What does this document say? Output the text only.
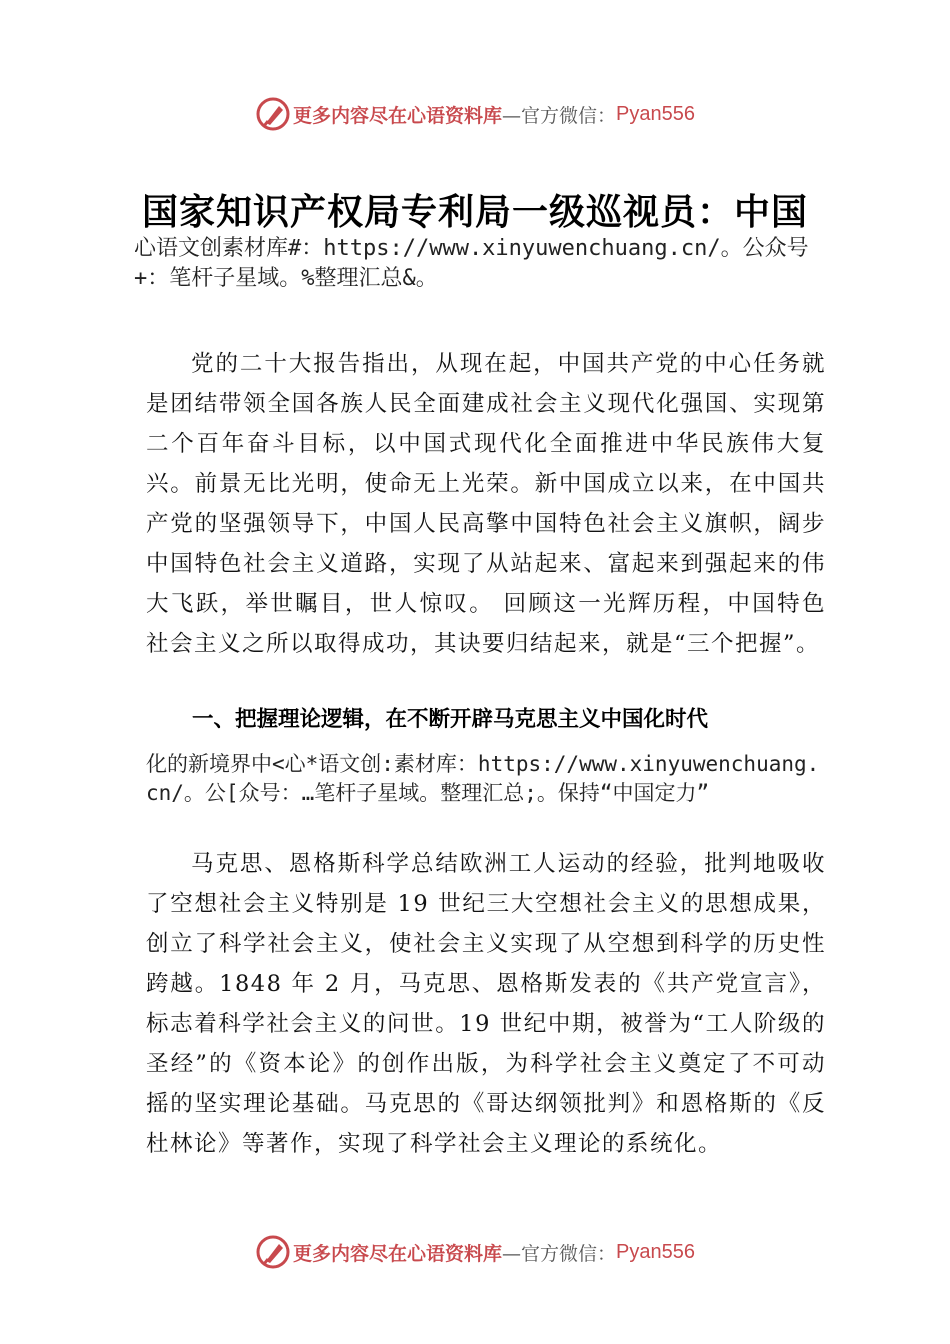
更多内容尽在心语资料库 —官方微信： Pyan556
国家知识产权局专利局一级巡视员：中国
心语文创素材库#：https://www.xinyuwenchuang.cn/。公众号+：笔杆子星域。%整理汇总&。
党的二十大报告指出，从现在起，中国共产党的中心任务就是团结带领全国各族人民全面建成社会主义现代化强国、实现第二个百年奋斗目标，以中国式现代化全面推进中华民族伟大复兴。前景无比光明，使命无上光荣。新中国成立以来，在中国共产党的坚强领导下，中国人民高擎中国特色社会主义旗帜，阔步中国特色社会主义道路，实现了从站起来、富起来到强起来的伟大飞跃，举世瞩目，世人惊叹。 回顾这一光辉历程，中国特色社会主义之所以取得成功，其诀要归结起来，就是“三个把握”。
一、把握理论逻辑，在不断开辟马克思主义中国化时代
化的新境界中<心*语文创:素材库：https://www.xinyuwenchuang.cn/。公[众号：…笔杆子星域。整理汇总;。保持“中国定力”
马克思、恩格斯科学总结欧洲工人运动的经验，批判地吸收了空想社会主义特别是 19 世纪三大空想社会主义的思想成果，创立了科学社会主义，使社会主义实现了从空想到科学的历史性跨越。1848 年 2 月，马克思、恩格斯发表的《共产党宣言》，标志着科学社会主义的问世。19 世纪中期，被誉为“工人阶级的圣经”的《资本论》的创作出版，为科学社会主义奠定了不可动摇的坚实理论基础。马克思的《哥达纲领批判》和恩格斯的《反杜林论》等著作，实现了科学社会主义理论的系统化。
更多内容尽在心语资料库 —官方微信： Pyan556
